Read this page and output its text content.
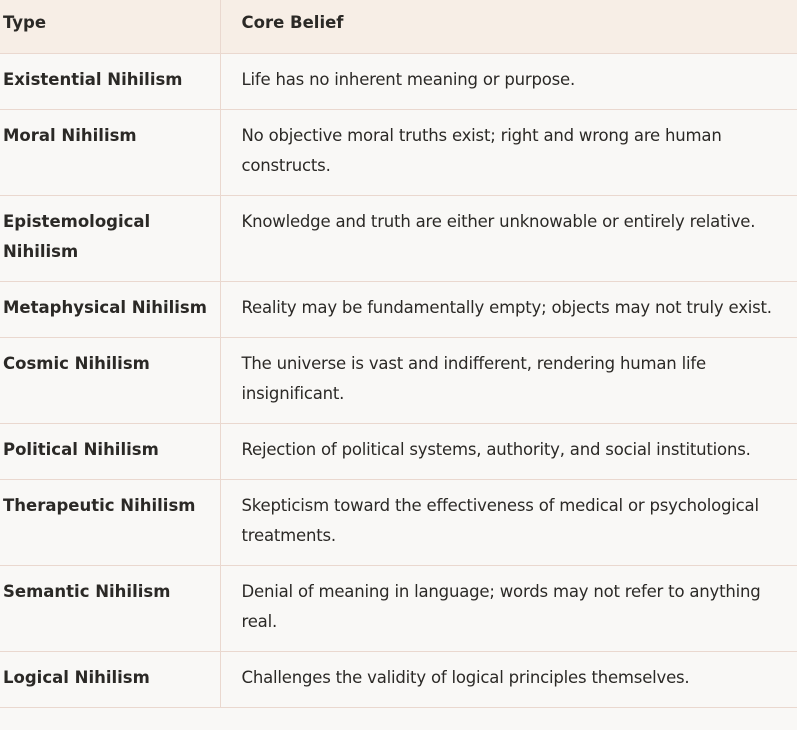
Type	Core Belief
Existential Nihilism	Life has no inherent meaning or purpose.
Moral Nihilism	No objective moral truths exist; right and wrong are human constructs.
Epistemological Nihilism	Knowledge and truth are either unknowable or entirely relative.
Metaphysical Nihilism	Reality may be fundamentally empty; objects may not truly exist.
Cosmic Nihilism	The universe is vast and indifferent, rendering human life insignificant.
Political Nihilism	Rejection of political systems, authority, and social institutions.
Therapeutic Nihilism	Skepticism toward the effectiveness of medical or psychological treatments.
Semantic Nihilism	Denial of meaning in language; words may not refer to anything real.
Logical Nihilism	Challenges the validity of logical principles themselves.
